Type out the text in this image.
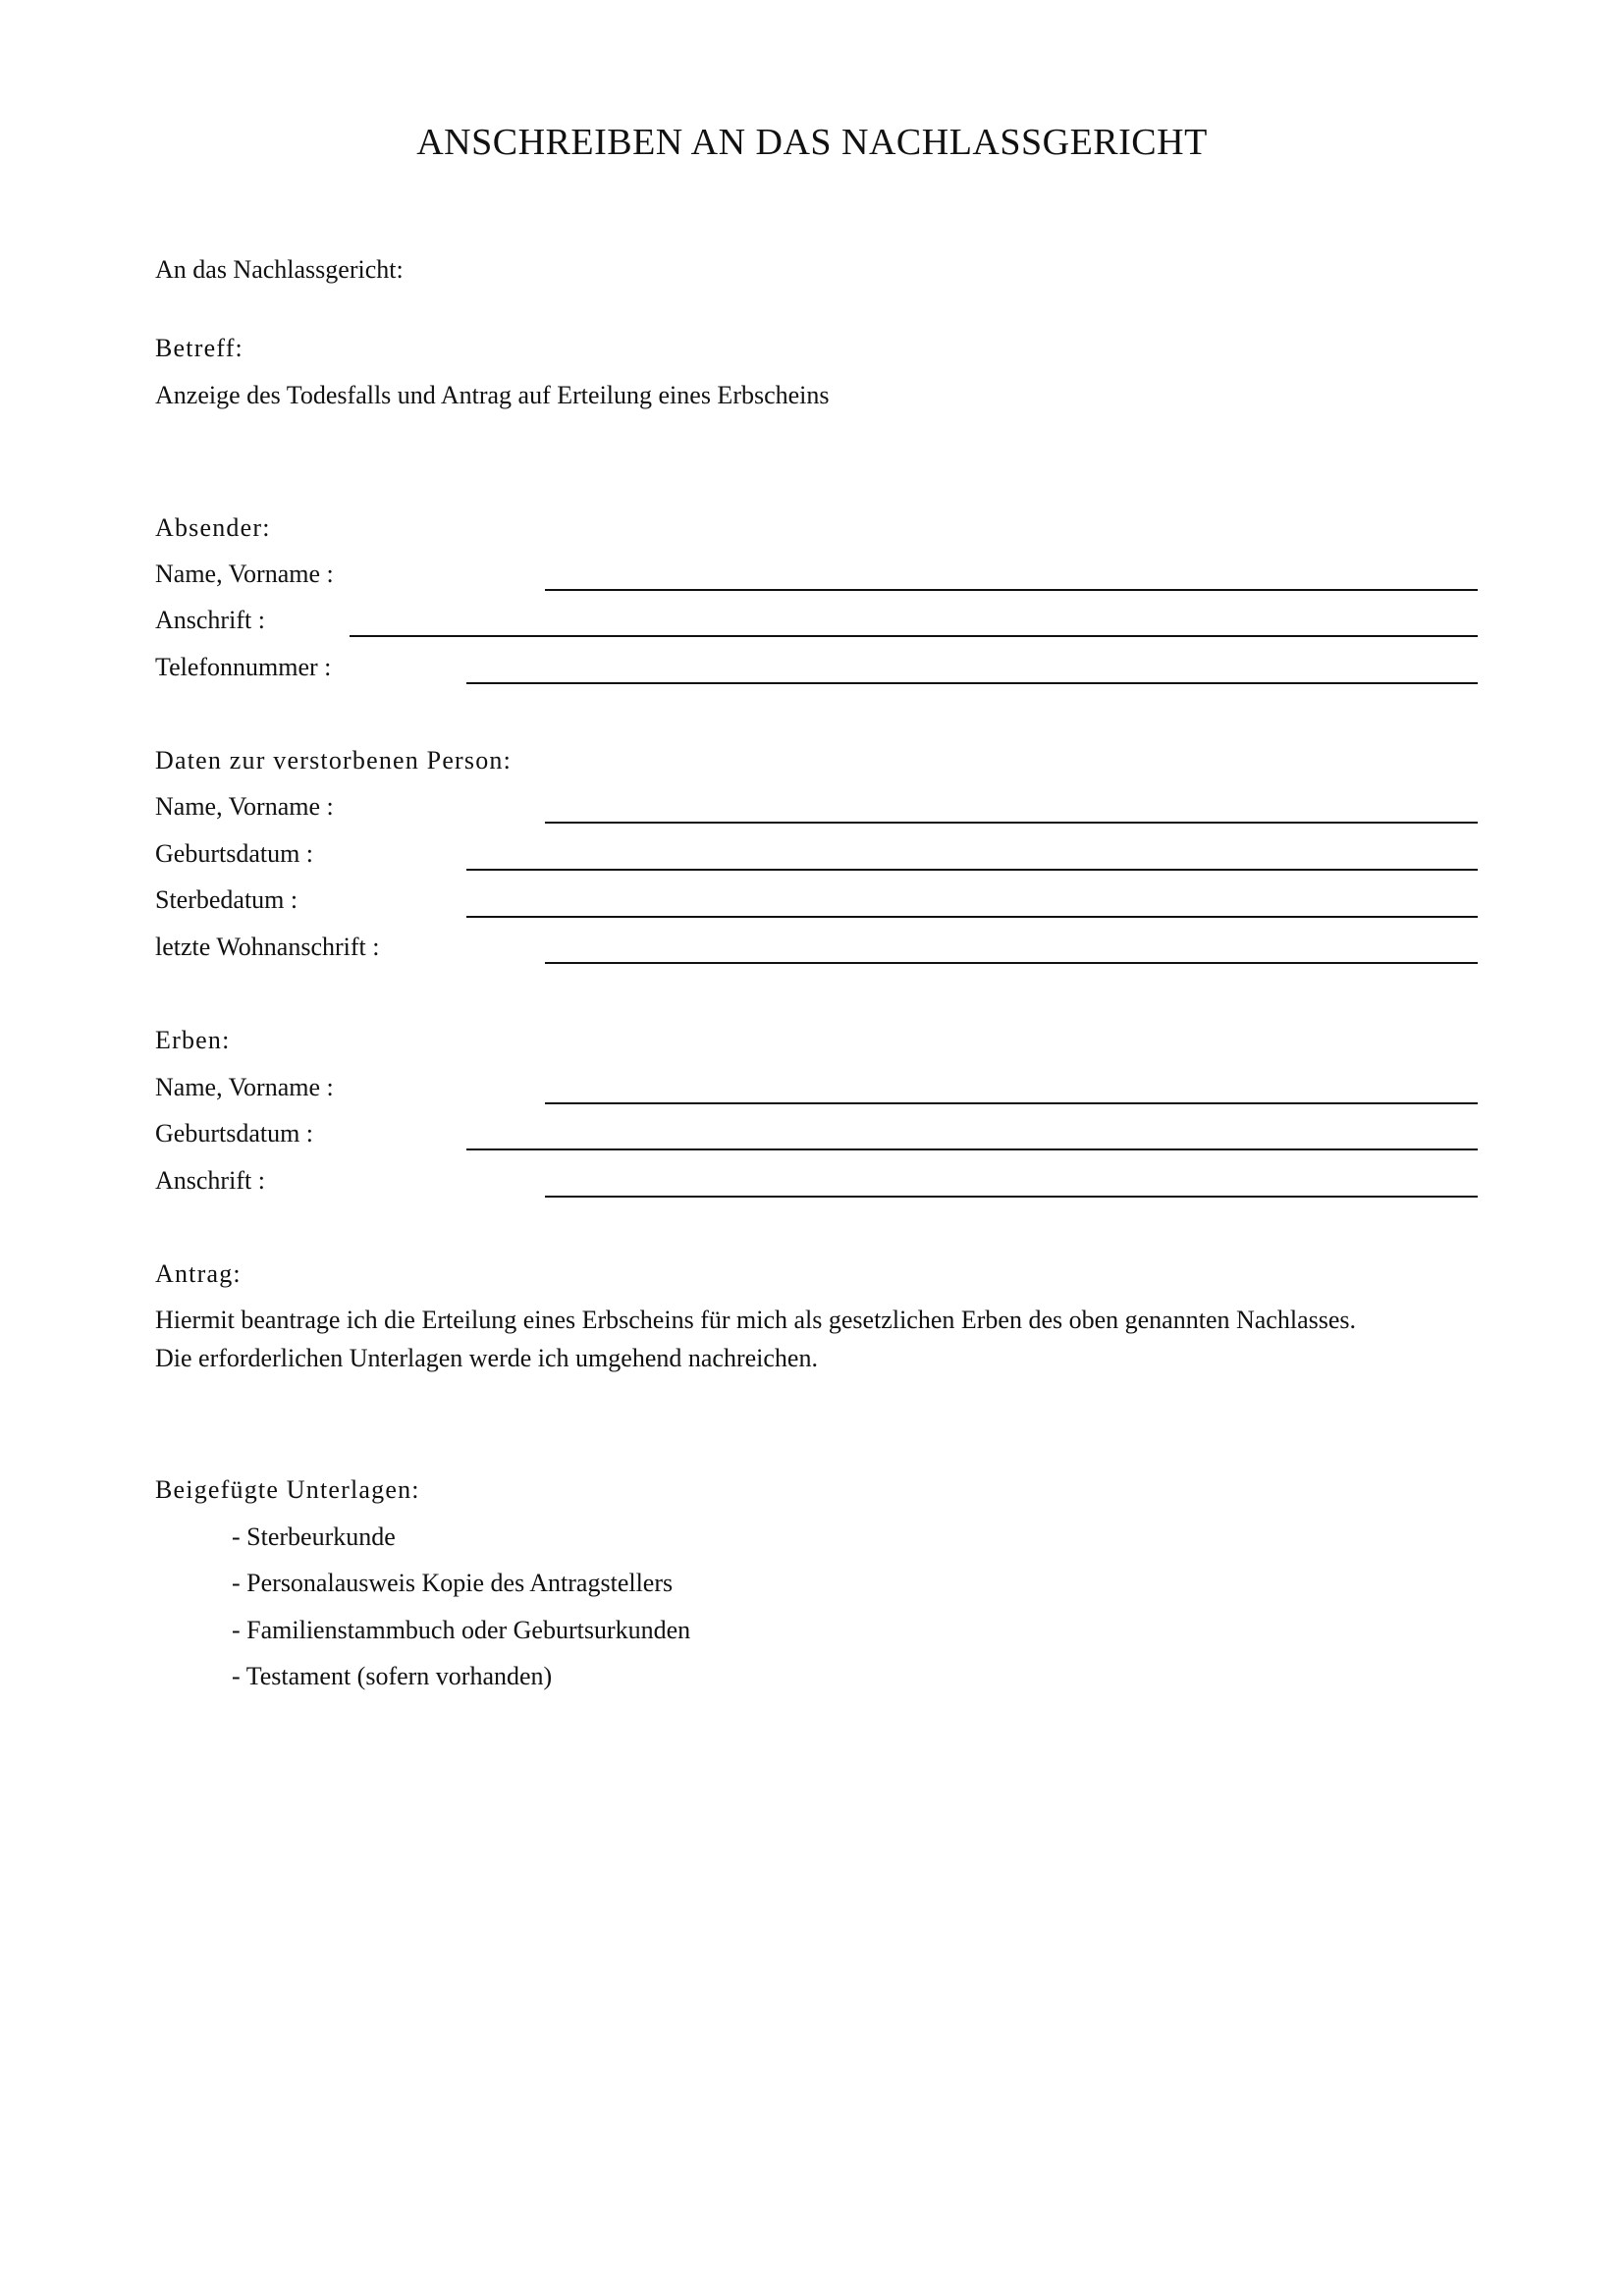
ANSCHREIBEN AN DAS NACHLASSGERICHT
An das Nachlassgericht:
Betreff:
Anzeige des Todesfalls und Antrag auf Erteilung eines Erbscheins
Absender:
Name, Vorname :
Anschrift :
Telefonnummer :
Daten zur verstorbenen Person:
Name, Vorname :
Geburtsdatum :
Sterbedatum :
letzte Wohnanschrift :
Erben:
Name, Vorname :
Geburtsdatum :
Anschrift :
Antrag:
Hiermit beantrage ich die Erteilung eines Erbscheins für mich als gesetzlichen Erben des oben genannten Nachlasses.
Die erforderlichen Unterlagen werde ich umgehend nachreichen.
Beigefügte Unterlagen:
- Sterbeurkunde
- Personalausweis Kopie des Antragstellers
- Familienstammbuch oder Geburtsurkunden
- Testament (sofern vorhanden)
